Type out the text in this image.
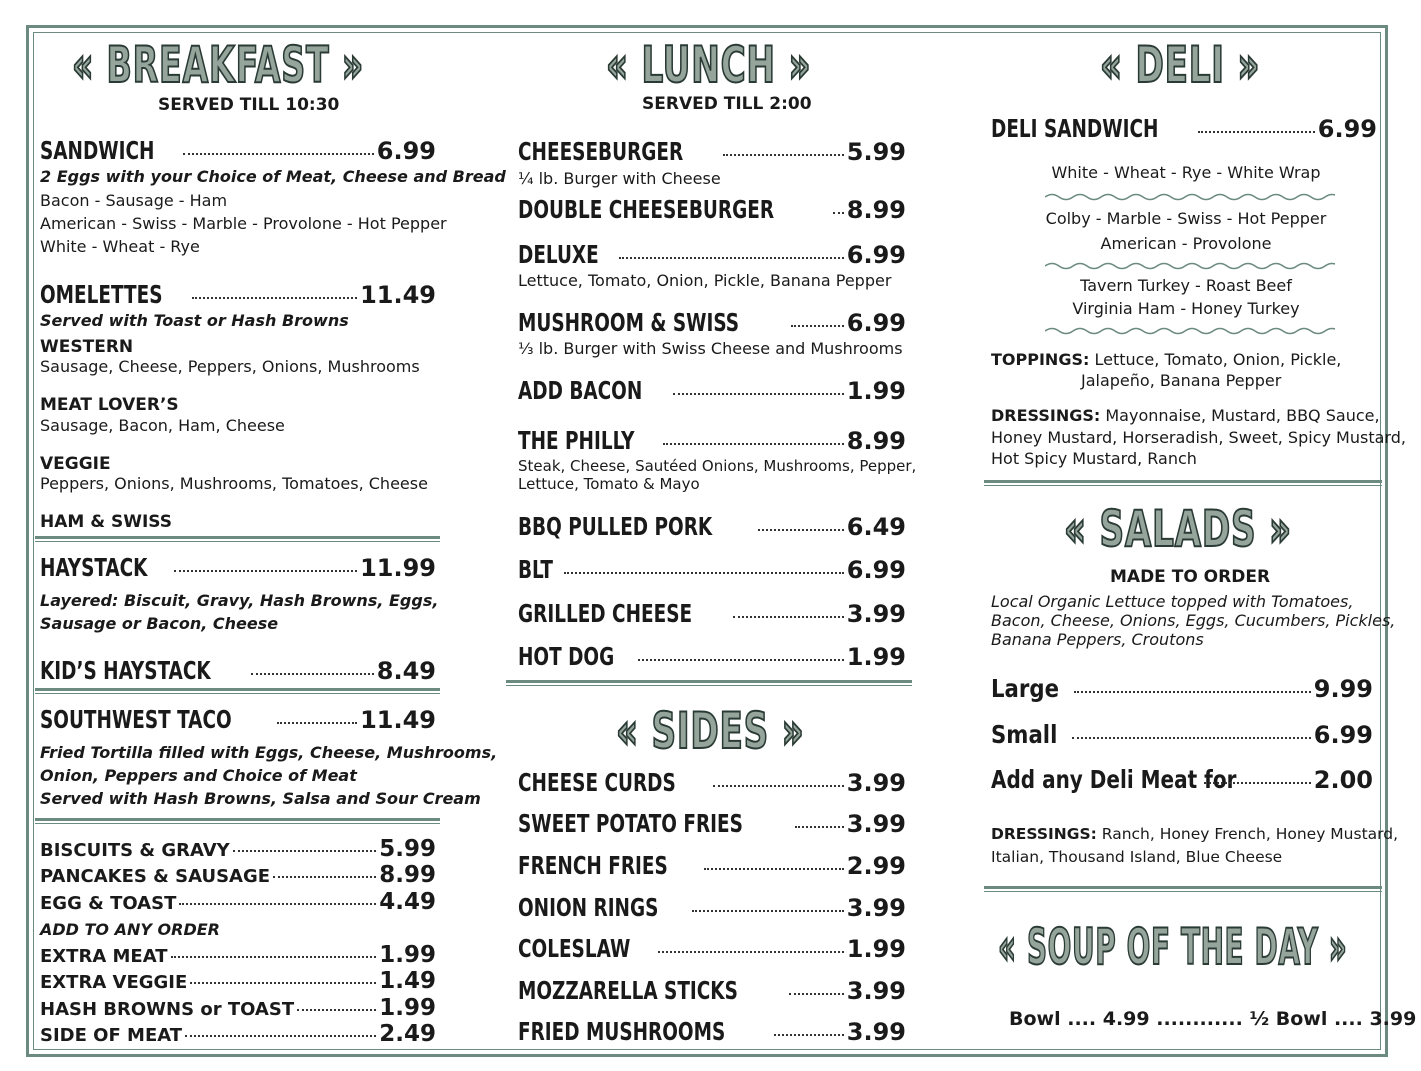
« BREAKFAST »
SERVED TILL 10:30
SANDWICH	6.99
2 Eggs with your Choice of Meat, Cheese and Bread
Bacon - Sausage - Ham
American - Swiss - Marble - Provolone - Hot Pepper
White - Wheat - Rye
OMELETTES	11.49
Served with Toast or Hash Browns
WESTERN
Sausage, Cheese, Peppers, Onions, Mushrooms
MEAT LOVER’S
Sausage, Bacon, Ham, Cheese
VEGGIE
Peppers, Onions, Mushrooms, Tomatoes, Cheese
HAM & SWISS
HAYSTACK	11.99
Layered: Biscuit, Gravy, Hash Browns, Eggs,
Sausage or Bacon, Cheese
KID’S HAYSTACK	8.49
SOUTHWEST TACO	11.49
Fried Tortilla filled with Eggs, Cheese, Mushrooms,
Onion, Peppers and Choice of Meat
Served with Hash Browns, Salsa and Sour Cream
BISCUITS & GRAVY	5.99
PANCAKES & SAUSAGE	8.99
EGG & TOAST	4.49
ADD TO ANY ORDER
EXTRA MEAT	1.99
EXTRA VEGGIE	1.49
HASH BROWNS or TOAST	1.99
SIDE OF MEAT	2.49
« LUNCH »
SERVED TILL 2:00
CHEESEBURGER	5.99
¼ lb. Burger with Cheese
DOUBLE CHEESEBURGER	8.99
DELUXE	6.99
Lettuce, Tomato, Onion, Pickle, Banana Pepper
MUSHROOM & SWISS	6.99
⅓ lb. Burger with Swiss Cheese and Mushrooms
ADD BACON	1.99
THE PHILLY	8.99
Steak, Cheese, Sautéed Onions, Mushrooms, Pepper,
Lettuce, Tomato & Mayo
BBQ PULLED PORK	6.49
BLT	6.99
GRILLED CHEESE	3.99
HOT DOG	1.99
« SIDES »
CHEESE CURDS	3.99
SWEET POTATO FRIES	3.99
FRENCH FRIES	2.99
ONION RINGS	3.99
COLESLAW	1.99
MOZZARELLA STICKS	3.99
FRIED MUSHROOMS	3.99
« DELI »
DELI SANDWICH	6.99
White - Wheat - Rye - White Wrap
Colby - Marble - Swiss - Hot Pepper
American - Provolone
Tavern Turkey - Roast Beef
Virginia Ham - Honey Turkey
TOPPINGS: Lettuce, Tomato, Onion, Pickle,
Jalapeño, Banana Pepper
DRESSINGS: Mayonnaise, Mustard, BBQ Sauce,
Honey Mustard, Horseradish, Sweet, Spicy Mustard,
Hot Spicy Mustard, Ranch
« SALADS »
MADE TO ORDER
Local Organic Lettuce topped with Tomatoes,
Bacon, Cheese, Onions, Eggs, Cucumbers, Pickles,
Banana Peppers, Croutons
Large	9.99
Small	6.99
Add any Deli Meat for	2.00
DRESSINGS: Ranch, Honey French, Honey Mustard,
Italian, Thousand Island, Blue Cheese
« SOUP OF THE DAY »
Bowl .... 4.99 ............ ½ Bowl .... 3.99
